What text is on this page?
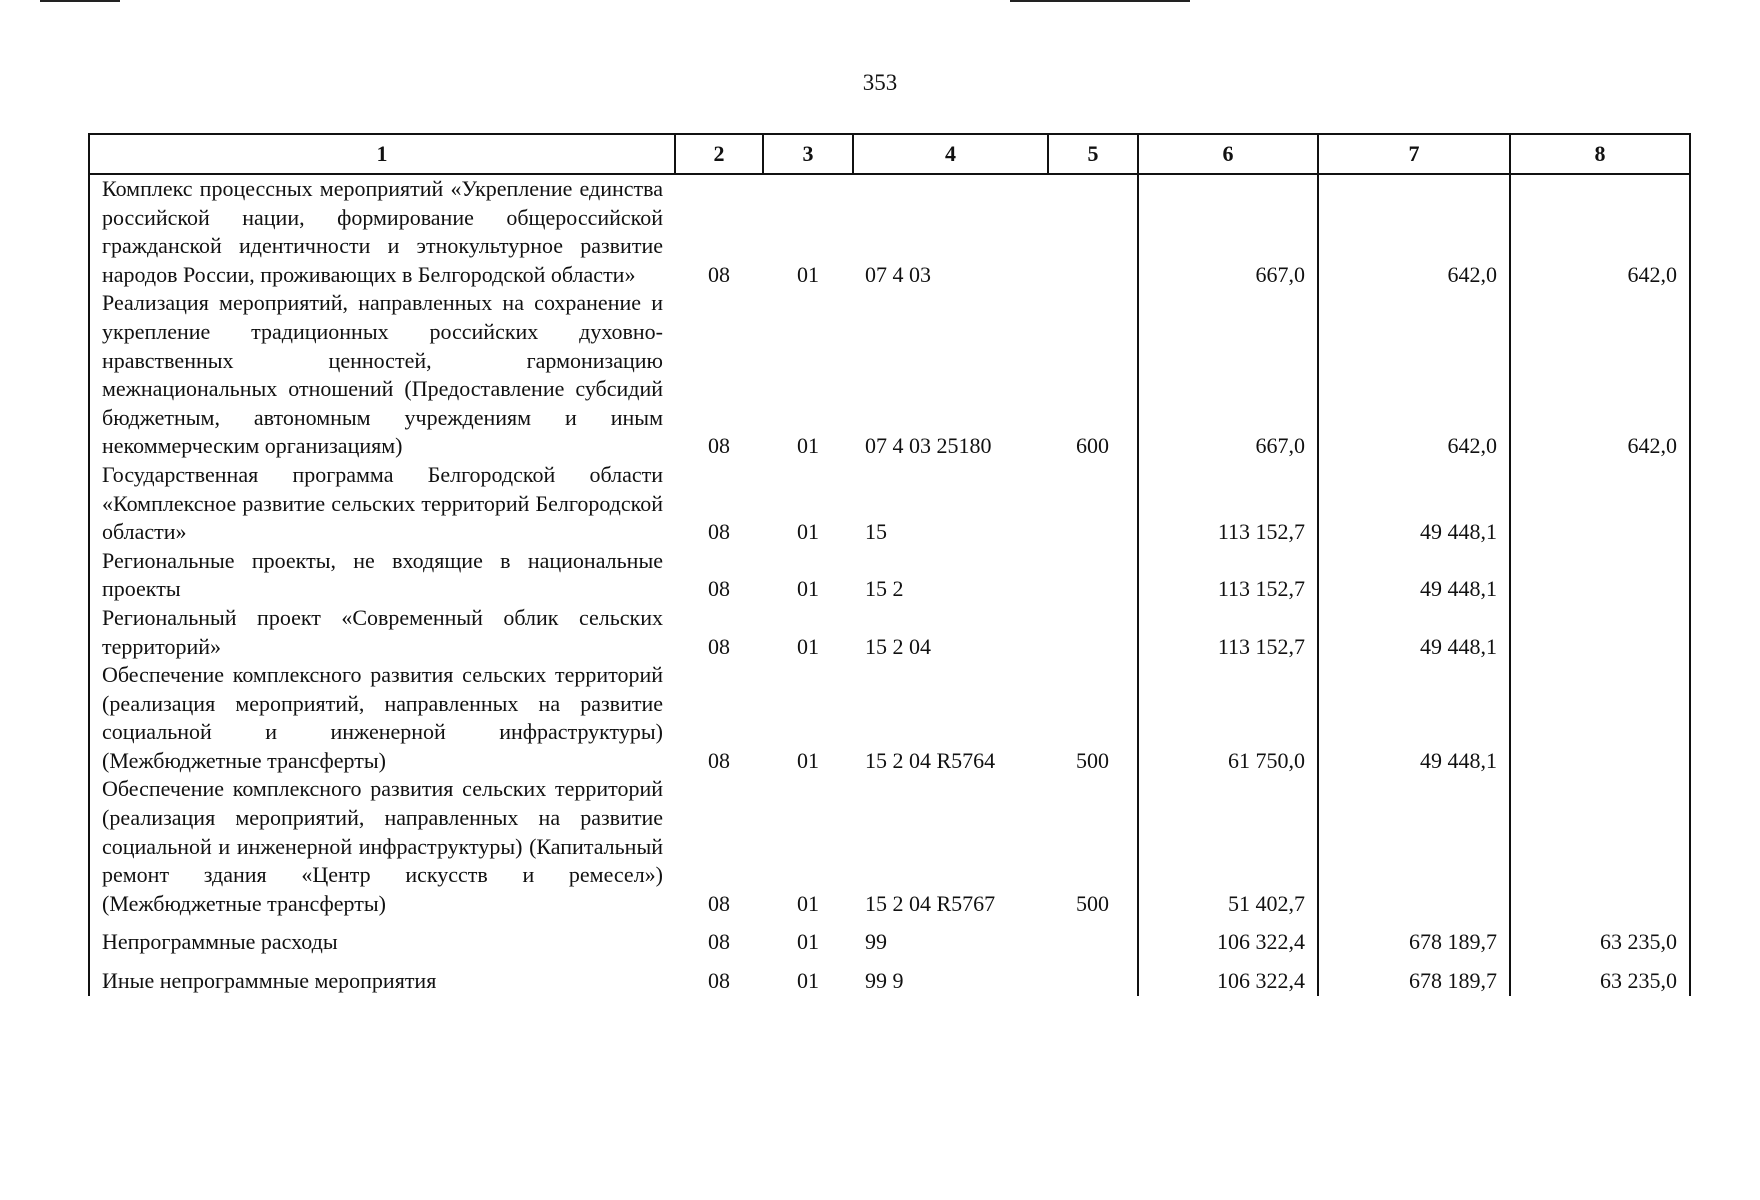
353
1	2	3	4	5	6	7	8
Комплекс процессных мероприятий «Укрепление единства российской нации, формирование общероссийской гражданской идентичности и этнокультурное развитие народов России, проживающих в Белгородской области»	08	01	07 4 03		667,0	642,0	642,0
Реализация мероприятий, направленных на сохранение и укрепление традиционных российских духовно-нравственных ценностей, гармонизацию межнациональных отношений (Предоставление субсидий бюджетным, автономным учреждениям и иным некоммерческим организациям)	08	01	07 4 03 25180	600	667,0	642,0	642,0
Государственная программа Белгородской области «Комплексное развитие сельских территорий Белгородской области»	08	01	15		113 152,7	49 448,1	
Региональные проекты, не входящие в национальные проекты	08	01	15 2		113 152,7	49 448,1	
Региональный проект «Современный облик сельских территорий»	08	01	15 2 04		113 152,7	49 448,1	
Обеспечение комплексного развития сельских территорий (реализация мероприятий, направленных на развитие социальной и инженерной инфраструктуры) (Межбюджетные трансферты)	08	01	15 2 04 R5764	500	61 750,0	49 448,1	
Обеспечение комплексного развития сельских территорий (реализация мероприятий, направленных на развитие социальной и инженерной инфраструктуры) (Капитальный ремонт здания «Центр искусств и ремесел») (Межбюджетные трансферты)	08	01	15 2 04 R5767	500	51 402,7		
Непрограммные расходы	08	01	99		106 322,4	678 189,7	63 235,0
Иные непрограммные мероприятия	08	01	99 9		106 322,4	678 189,7	63 235,0
